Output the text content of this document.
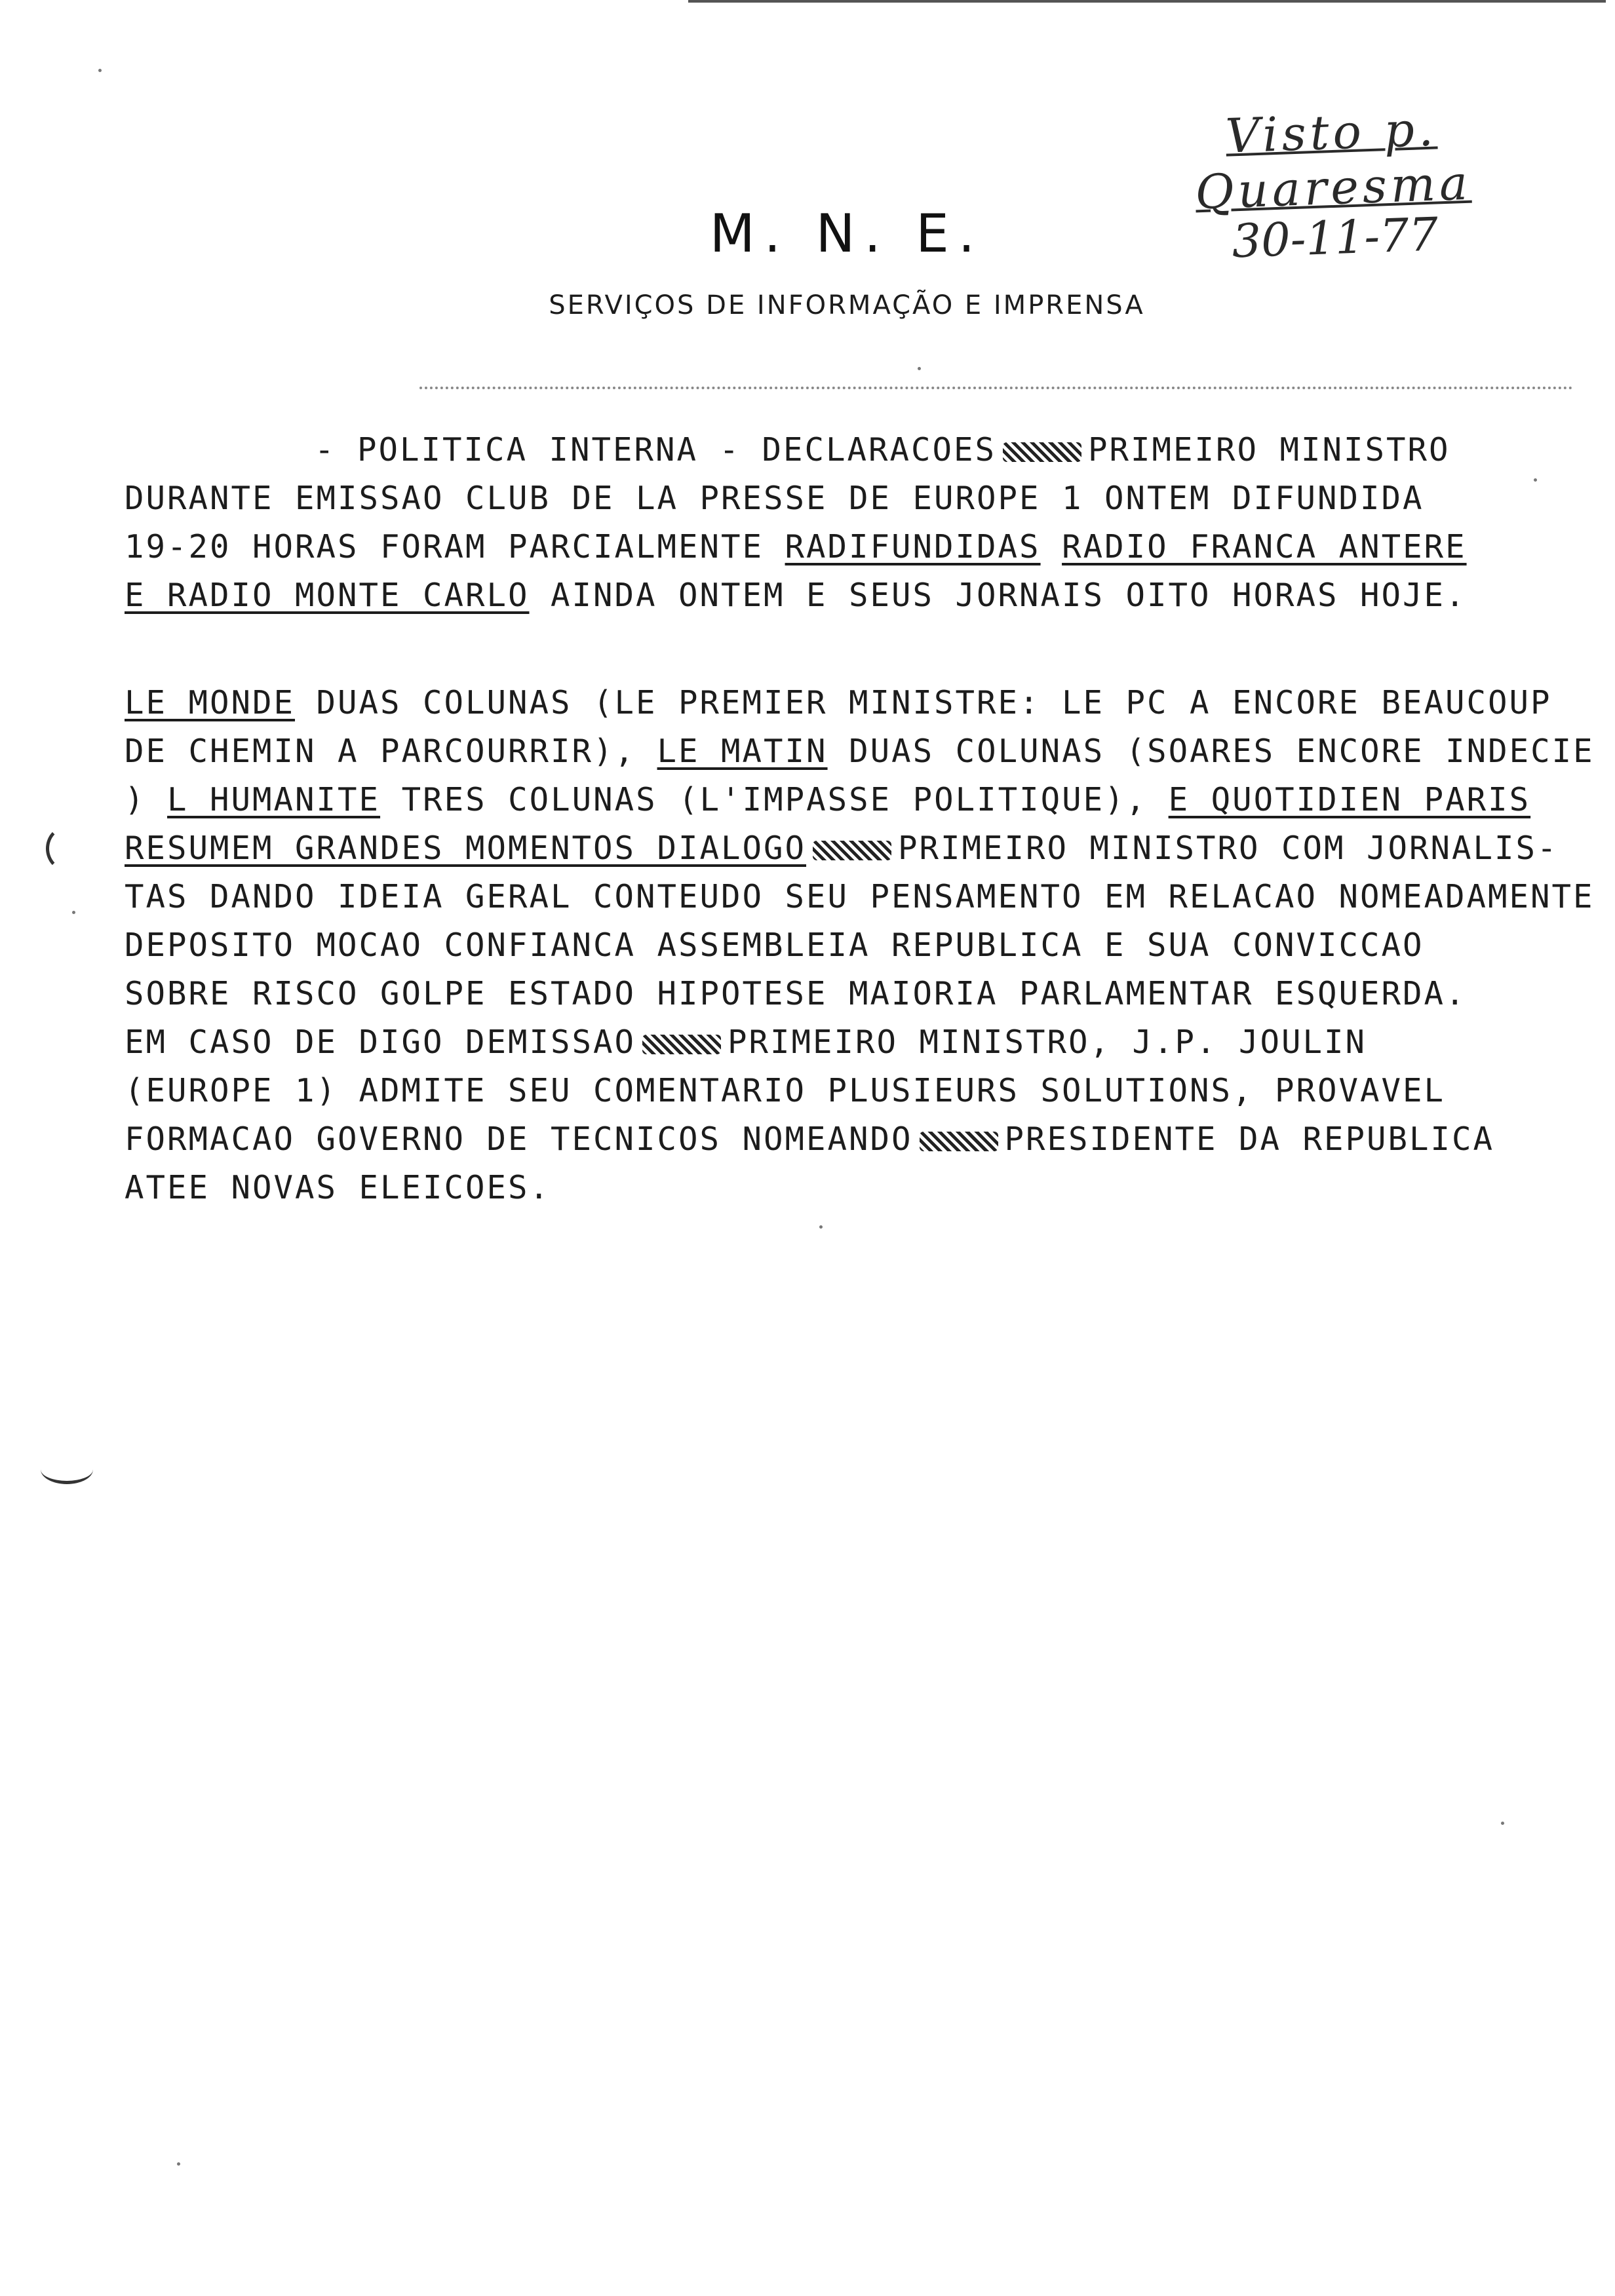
Visto p. Quaresma
30-11-77
M. N. E.
SERVIÇOS DE INFORMAÇÃO E IMPRENSA

- POLITICA INTERNA - DECLARACOES	PRIMEIRO MINISTRO

DURANTE EMISSAO CLUB DE LA PRESSE DE EUROPE 1 ONTEM DIFUNDIDA

19-20 HORAS FORAM PARCIALMENTE RADIFUNDIDAS RADIO FRANCA ANTERE

E RADIO MONTE CARLO AINDA ONTEM E SEUS JORNAIS OITO HORAS HOJE.

LE MONDE DUAS COLUNAS (LE PREMIER MINISTRE: LE PC A ENCORE BEAUCOUP

DE CHEMIN A PARCOURRIR), LE MATIN DUAS COLUNAS (SOARES ENCORE INDECIE

) L HUMANITE TRES COLUNAS (L'IMPASSE POLITIQUE), E QUOTIDIEN PARIS

RESUMEM GRANDES MOMENTOS DIALOGO	PRIMEIRO MINISTRO COM JORNALIS-

TAS DANDO IDEIA GERAL CONTEUDO SEU PENSAMENTO EM RELACAO NOMEADAMENTE

DEPOSITO MOCAO CONFIANCA ASSEMBLEIA REPUBLICA E SUA CONVICCAO

SOBRE RISCO GOLPE ESTADO HIPOTESE MAIORIA PARLAMENTAR ESQUERDA.

EM CASO DE DIGO DEMISSAO	PRIMEIRO MINISTRO, J.P. JOULIN

(EUROPE 1) ADMITE SEU COMENTARIO PLUSIEURS SOLUTIONS, PROVAVEL

FORMACAO GOVERNO DE TECNICOS NOMEANDO	PRESIDENTE DA REPUBLICA

ATEE NOVAS ELEICOES.
